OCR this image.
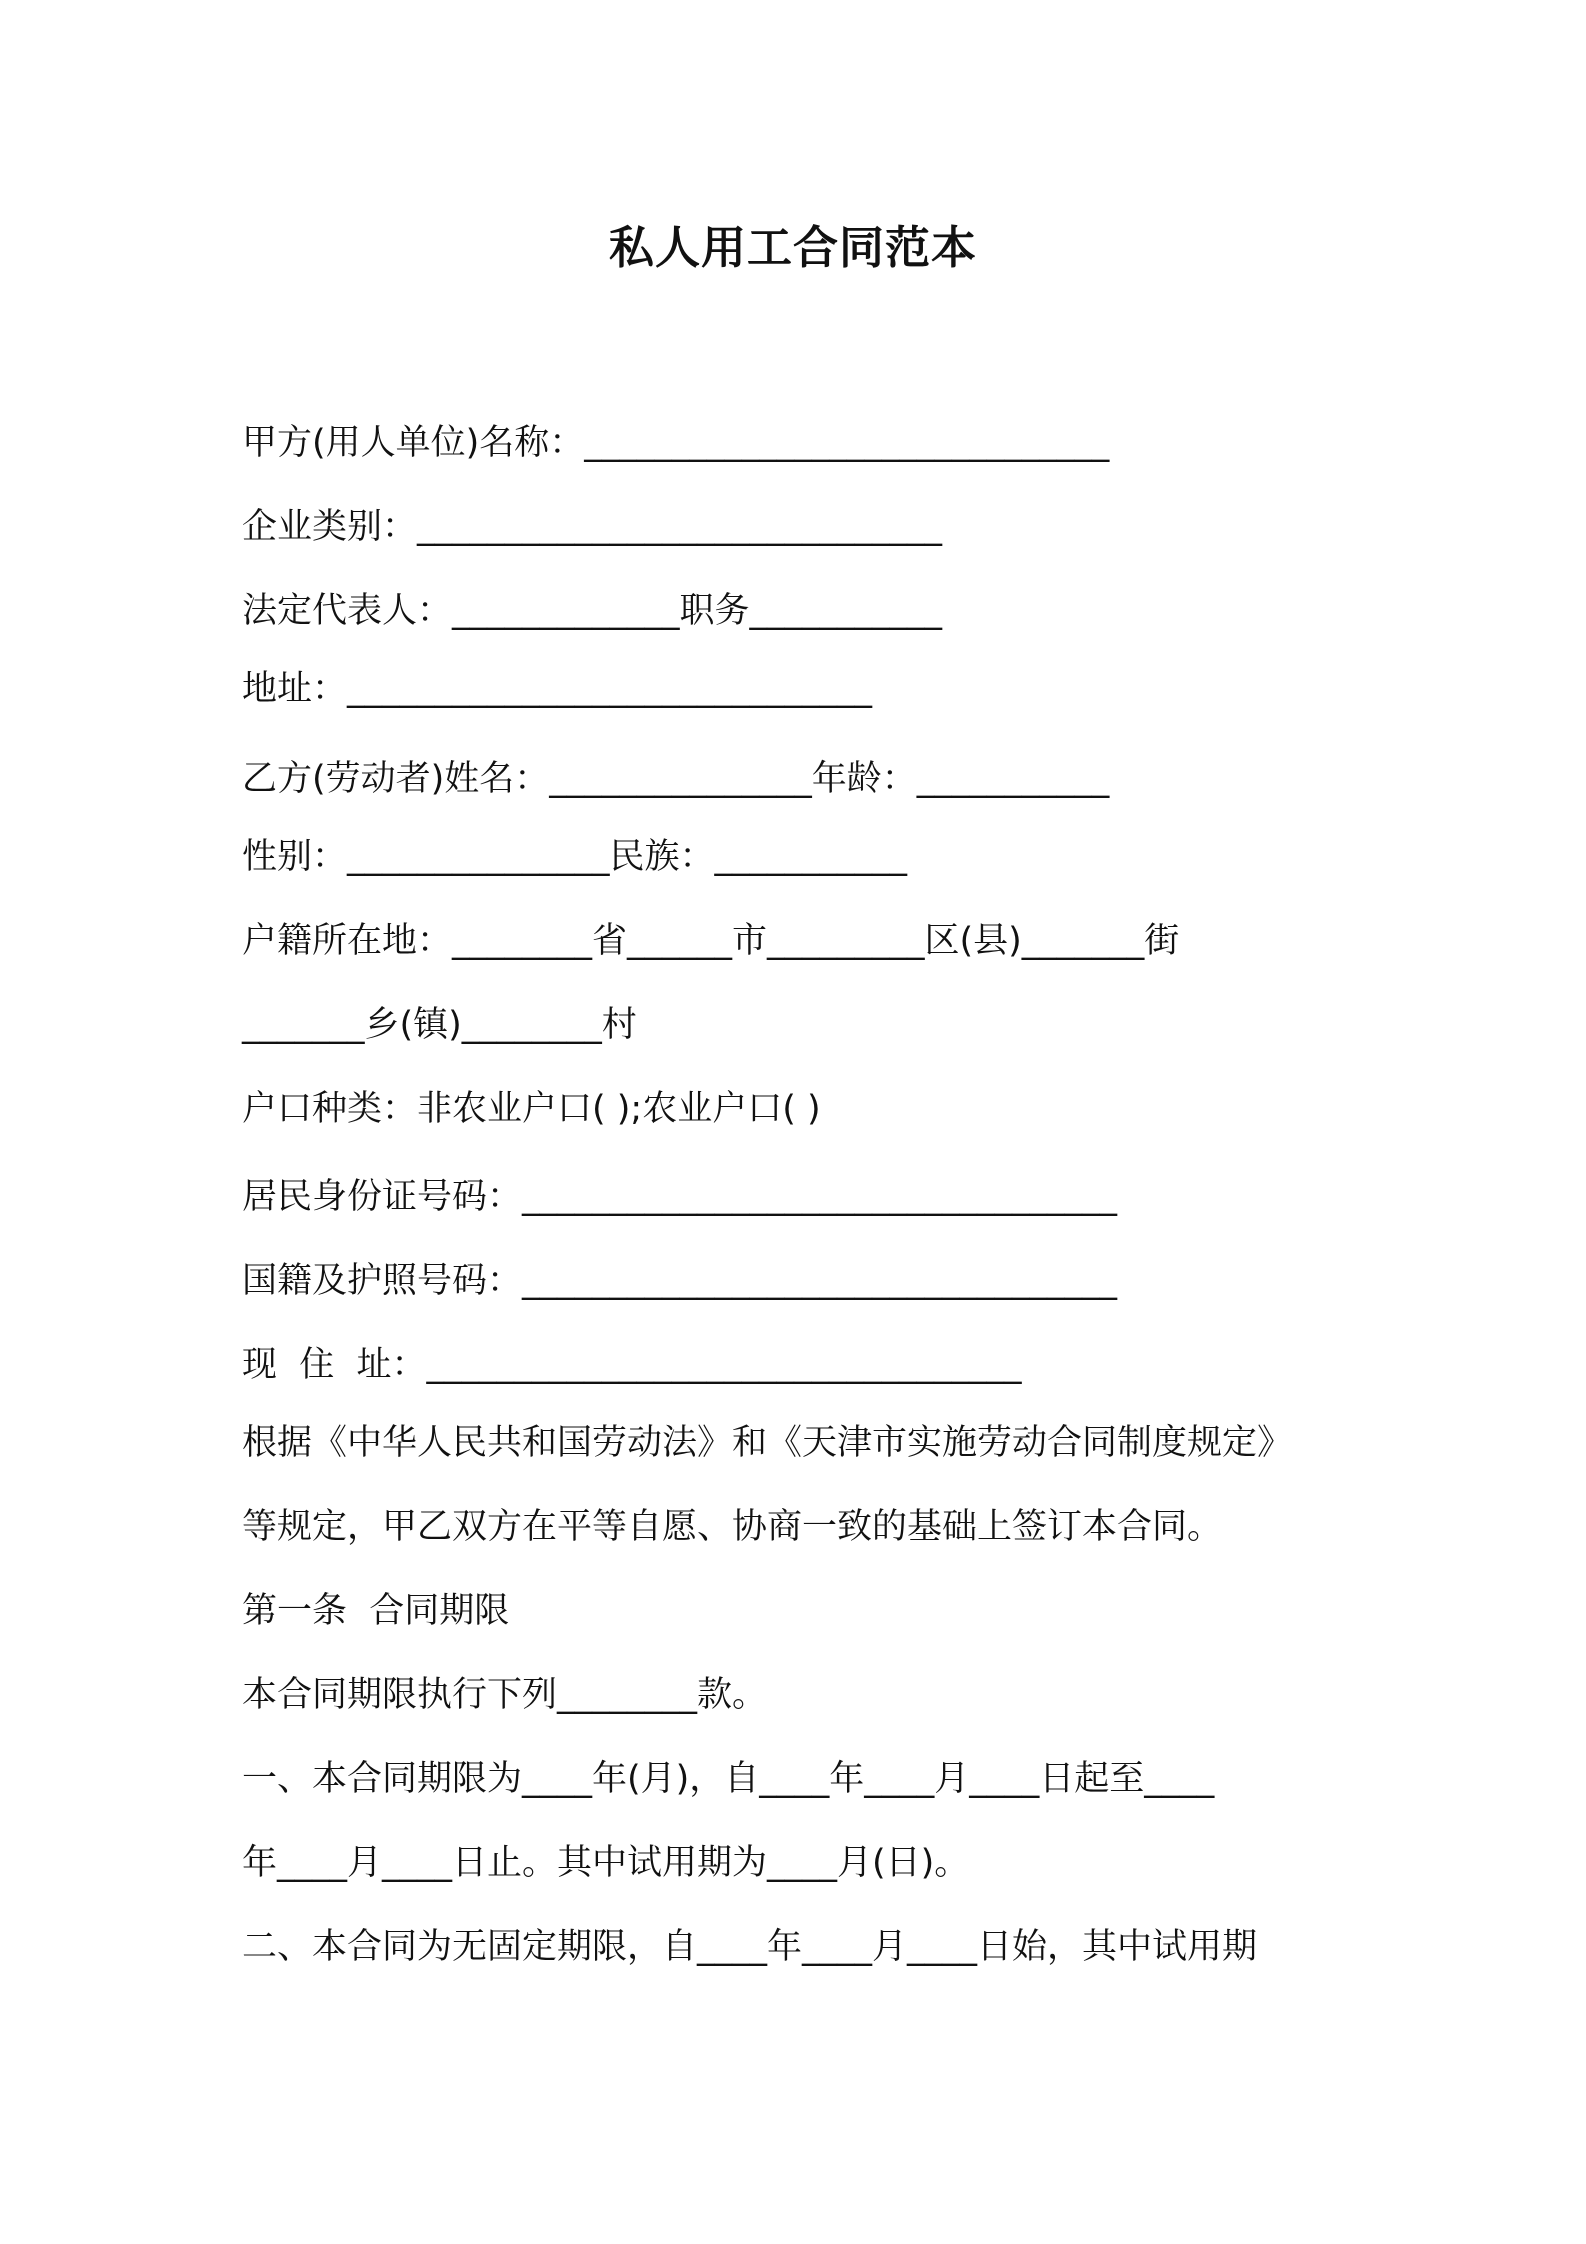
私人用工合同范本
甲方(用人单位)名称：______________________________
企业类别：______________________________
法定代表人：_____________职务___________
地址：______________________________
乙方(劳动者)姓名：_______________年龄：___________
性别：_______________民族：___________
户籍所在地：________省______市_________区(县)_______街
_______乡(镇)________村
户口种类：非农业户口( );农业户口( )
居民身份证号码：__________________________________
国籍及护照号码：__________________________________
现  住  址：__________________________________
根据《中华人民共和国劳动法》和《天津市实施劳动合同制度规定》
等规定，甲乙双方在平等自愿、协商一致的基础上签订本合同。
第一条  合同期限
本合同期限执行下列________款。
一、本合同期限为____年(月)，自____年____月____日起至____
年____月____日止。其中试用期为____月(日)。
二、本合同为无固定期限，自____年____月____日始，其中试用期
